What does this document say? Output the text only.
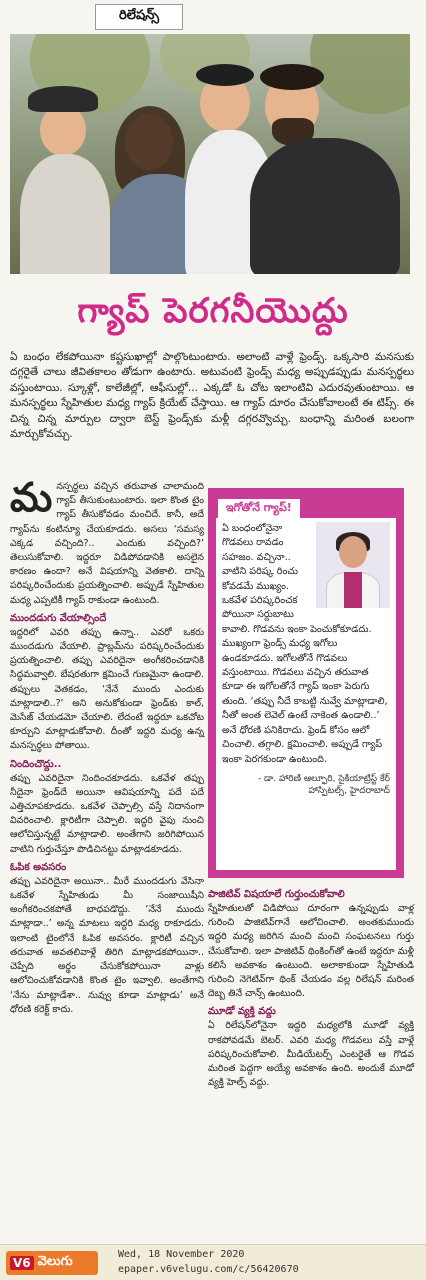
రిలేషన్స్
గ్యాప్ పెరగనీయొద్దు
ఏ బంధం లేకపోయినా కష్టసుఖాల్లో పాల్గొంటుంటారు. అలాంటి వాళ్లే ఫ్రెండ్స్. ఒక్కసారి మనసుకు దగ్గరైతే చాలు జీవితకాలం తోడుగా ఉంటారు. అటువంటి ఫ్రెండ్స్ మధ్య అప్పుడప్పుడు మనస్పర్థలు వస్తుంటాయి. స్కూళ్లో, కాలేజీల్లో, ఆఫీసుల్లో... ఎక్కడో ఓ చోట ఇలాంటివి ఎదురవుతుంటాయి. ఆ మనస్పర్థలు స్నేహితుల మధ్య గ్యాప్ క్రియేట్ చేస్తాయి. ఆ గ్యాప్ దూరం చేసుకోవాలంటే ఈ టిప్స్. ఈ చిన్న చిన్న మార్పుల ద్వారా బెస్ట్ ఫ్రెండ్స్‌కు మళ్లీ దగ్గరవ్వొచ్చు. బంధాన్ని మరింత బలంగా మార్చుకోవచ్చు.
మ నస్పర్థలు వచ్చిన తరువాత చాలామంది గ్యాప్ తీసుకుంటుంటారు. ఇలా కొంత టైం గ్యాప్ తీసుకోవడం మంచిదే. కానీ, అదే గ్యాప్‌ను కంటిన్యూ చేయకూడదు. అసలు ‘సమస్య ఎక్కడ వచ్చింది?.. ఎందుకు వచ్చింది?’ తెలుసుకోవాలి. ఇద్దరూ విడిపోవడానికి అసలైన కారణం ఉందా? అనే విషయాన్ని వెతకాలి. దాన్ని పరిష్కరించేందుకు ప్రయత్నించాలి. అప్పుడే స్నేహితుల మధ్య ఎప్పటికీ గ్యాప్ రాకుండా ఉంటుంది.

ముందడుగు వేయాల్సిందే

ఇద్దరిలో ఎవరి తప్పు ఉన్నా.. ఎవరో ఒకరు ముందడుగు వేయాలి. ప్రాబ్లమ్‌ను పరిష్కరించేందుకు ప్రయత్నించాలి. తప్పు ఎవరిదైనా అంగీకరించడానికి సిద్ధమవ్వాలి. బేషరతుగా క్షమించే గుణమైనా ఉండాలి. తప్పులు వెతకడం, ‘నేనే ముందు ఎందుకు మాట్లాడాలి..?’ అని అనుకోకుండా ఫ్రెండ్‌కు కాల్, మెసేజ్ చేయడమో చేయాలి. లేదంటే ఇద్దరూ ఒకచోట కూర్చుని మాట్లాడుకోవాలి. దీంతో ఇద్దరి మధ్య ఉన్న మనస్పర్థలు పోతాయి.

నిందించొద్దు..

తప్పు ఎవరిదైనా నిందించకూడదు. ఒకవేళ తప్పు నీదైనా ఫ్రెండ్‌దే అయినా ఆవిషయాన్ని పదే పదే ఎత్తిచూపకూడదు. ఒకవేళ చెప్పాల్సి వస్తే నిదానంగా వివరించాలి. క్లారిటీగా చెప్పాలి. ఇద్దరి వైపు నుంచి ఆలోచిస్తున్నట్టే మాట్లాడాలి. అంతేగాని జరిగిపోయిన వాటిని గుర్తుచేస్తూ పొడిచినట్టు మాట్లాడకూడదు.

ఓపిక అవసరం

తప్పు ఎవరిదైనా అయినా.. మీరే ముందడుగు వేసినా ఒకవేళ స్నేహితుడు మీ సంజాయిషీని అంగీకరించకపోతే బాధపడొద్దు. ‘నేనే ముందు మాట్లాడా..’ అన్న మాటలు ఇద్దరి మధ్య రాకూడదు. ఇలాంటి టైంలోనే ఓపిక అవసరం. క్లారిటీ వచ్చిన తరువాత అవతలివాళ్లే తిరిగి మాట్లాడకపోయినా.. చెప్పేది అర్థం చేసుకోకపోయినా వాళ్లు ఆలోచించుకోవడానికి కొంత టైం ఇవ్వాలి. అంతేగాని ‘నేను మాట్లాడేశా.. నువ్వు కూడా మాట్లాడు’ అనే ధోరణి కరెక్ట్ కాదు.

ఇగోతోనే గ్యాప్!

ఏ బంధంలోనైనా గొడవలు రావడం సహజం. వచ్చినా.. వాటిని పరిష్క రించు కోవడమే ముఖ్యం. ఒకవేళ పరిష్కరించక పోయినా సర్దుబాటు కావాలి. గొడవను ఇంకా పెంచుకోకూడదు. ముఖ్యంగా ఫ్రెండ్స్ మధ్య ఇగోలు ఉండకూడదు. ఇగోలతోనే గొడవలు వస్తుంటాయి. గొడవలు వచ్చిన తరువాత కూడా ఈ ఇగోలతోనే గ్యాప్ ఇంకా పెరుగు తుంది. ‘తప్పు నీదే కాబట్టి నువ్వే మాట్లాడాలి, నీతో అంత లెవెల్ ఉంటే నాకెంత ఉండాలి..’ అనే ధోరణి పనికిరాదు. ఫ్రెండ్ కోసం ఆలో చించాలి. తగ్గాలి. క్షమించాలి. అప్పుడే గ్యాప్ ఇంకా పెరగకుండా ఉంటుంది.

- డా. హారిణి ఆల్ఫూరి, సైకియాట్రిస్ట్ కేర్ హాస్పిటల్స్, హైదరాబాద్

పాజిటివ్ విషయాలే గుర్తుంచుకోవాలి

స్నేహితులతో విడిపోయి దూరంగా ఉన్నప్పుడు వాళ్ల గురించి పాజిటివ్‌గానే ఆలోచించాలి. అంతకుముందు ఇద్దరి మధ్య జరిగిన మంచి మంచి సంఘటనలు గుర్తు చేసుకోవాలి. ఇలా పాజిటివ్ థింకింగ్‌తో ఉంటే ఇద్దరూ మళ్లీ కలిసే అవకాశం ఉంటుంది. అలాకాకుండా స్నేహితుడి గురించి నెగెటివ్‌గా థింక్ చేయడం వల్ల రిలేషన్ మరింత దెబ్బ తినే చాన్స్ ఉంటుంది.

మూడో వ్యక్తి వద్దు

ఏ రిలేషన్‌లోనైనా ఇద్దరి మధ్యలోకి మూడో వ్యక్తి రాకపోవడమే బెటర్. ఎవరి మధ్య గొడవలు వస్తే వాళ్లే పరిష్కరించుకోవాలి. మీడియేటర్స్ ఎంటరైతే ఆ గొడవ మరింత పెద్దగా అయ్యే అవకాశం ఉంది. అందుకే మూడో వ్యక్తి హెల్ప్ వద్దు.

V6 వెలుగు	Wed, 18 November 2020
epaper.v6velugu.com/c/56420670
